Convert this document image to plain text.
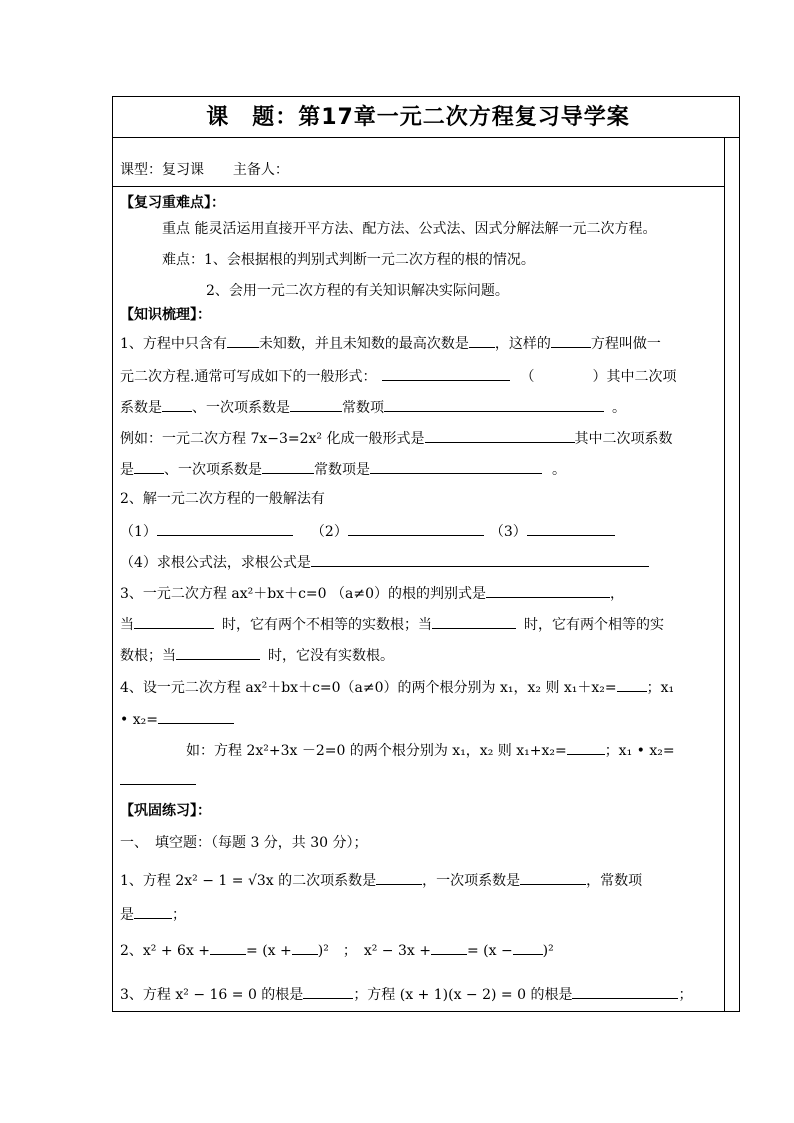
课　题：第17章一元二次方程复习导学案
课型：复习课 主备人：
【复习重难点】：
重点 能灵活运用直接开平方法、配方法、公式法、因式分解法解一元二次方程。
难点：1、会根据根的判别式判断一元二次方程的根的情况。
2、会用一元二次方程的有关知识解决实际问题。
【知识梳理】：
1、方程中只含有 未知数，并且未知数的最高次数是 ，这样的	方程叫做一
元二次方程.通常可写成如下的一般形式：	（	）其中二次项
系数是 、一次项系数是	常数项	。
例如：一元二次方程 7x−3=2x² 化成一般形式是	其中二次项系数
是 、一次项系数是	常数项是	。
2、解一元二次方程的一般解法有
（1）	（2）	（3）
（4）求根公式法，求根公式是
3、一元二次方程 ax²＋bx＋c=0 （a≠0）的根的判别式是	，
当	时，它有两个不相等的实数根；当	时，它有两个相等的实
数根；当	时，它没有实数根。
4、设一元二次方程 ax²＋bx＋c=0（a≠0）的两个根分别为 x₁，x₂ 则 x₁＋x₂= ；x₁
• x₂=
如：方程 2x²+3x －2=0 的两个根分别为 x₁，x₂ 则 x₁+x₂=	；x₁ • x₂=
【巩固练习】：
一、　填空题：（每题 3 分，共 30 分）；
1、方程 2x² − 1 = √3x 的二次项系数是	，一次项系数是	，常数项
是	；
2、x² + 6x +	= (x + )²　；　x² − 3x +	= (x − )²
3、方程 x² − 16 = 0 的根是	；方程 (x + 1)(x − 2) = 0 的根是	；
